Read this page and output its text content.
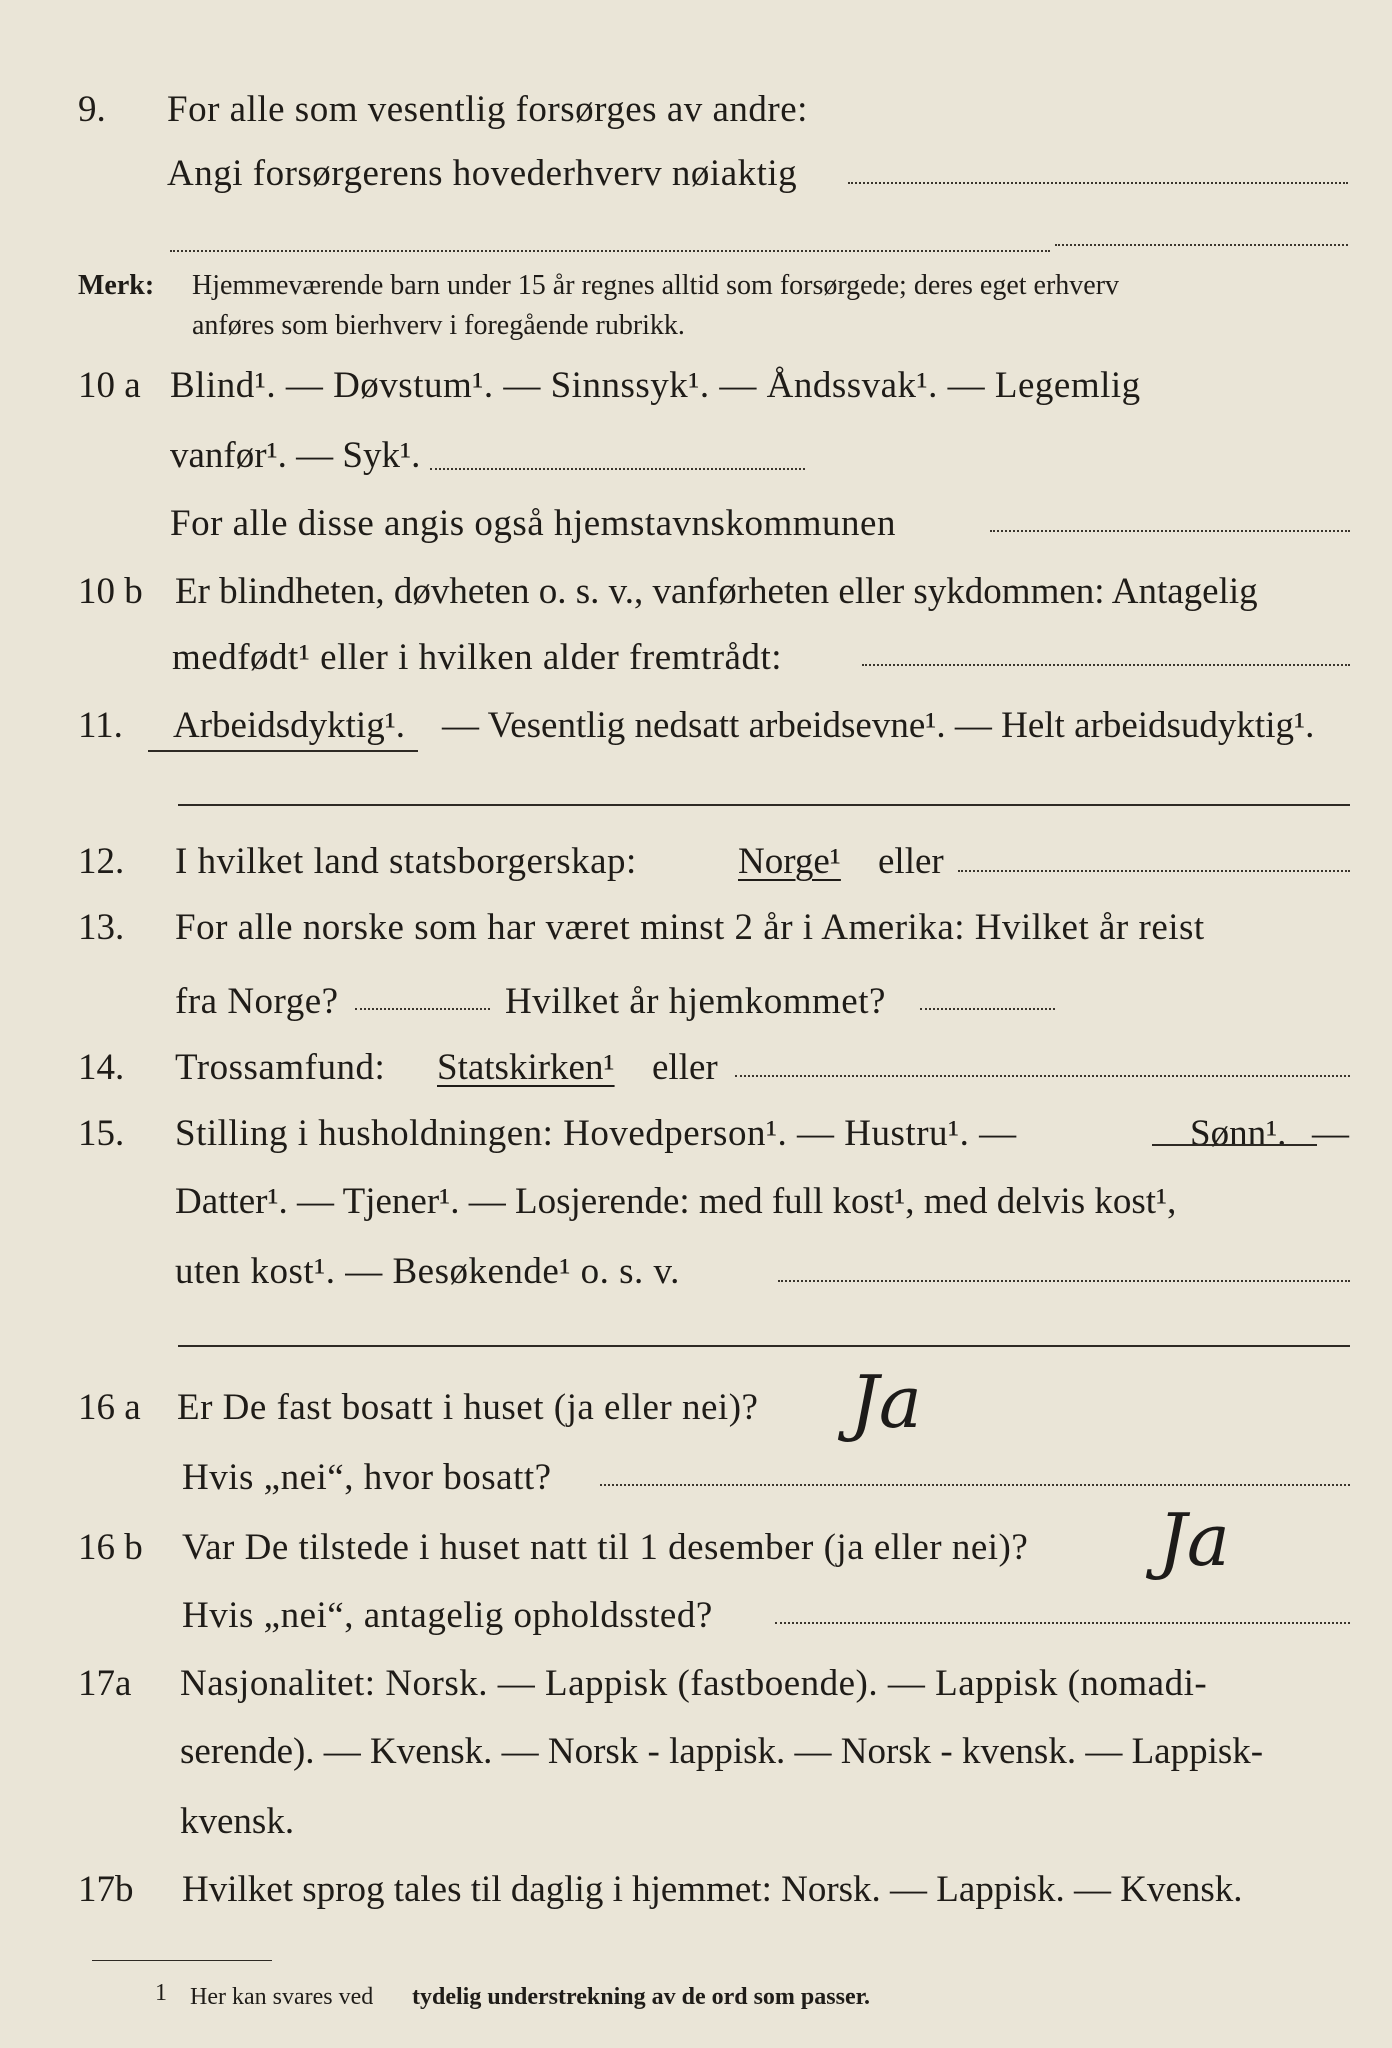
9. For alle som vesentlig forsørges av andre:
Angi forsørgerens hovederhverv nøiaktig
Merk: Hjemmeværende barn under 15 år regnes alltid som forsørgede; deres eget erhverv
anføres som bierhverv i foregående rubrikk.
10 a Blind¹. — Døvstum¹. — Sinnssyk¹. — Åndssvak¹. — Legemlig
vanfør¹. — Syk¹.
For alle disse angis også hjemstavnskommunen
10 b Er blindheten, døvheten o. s. v., vanførheten eller sykdommen: Antagelig
medfødt¹ eller i hvilken alder fremtrådt:
11. Arbeidsdyktig¹. — Vesentlig nedsatt arbeidsevne¹. — Helt arbeidsudyktig¹.
12. I hvilket land statsborgerskap:	Norge¹ eller
13. For alle norske som har været minst 2 år i Amerika: Hvilket år reist
fra Norge?	Hvilket år hjemkommet?
14. Trossamfund: Statskirken¹ eller
15. Stilling i husholdningen: Hovedperson¹. — Hustru¹. —	Sønn¹. —
Datter¹. — Tjener¹. — Losjerende: med full kost¹, med delvis kost¹,
uten kost¹. — Besøkende¹ o. s. v.
16 a Er De fast bosatt i huset (ja eller nei)? Ja
Hvis „nei“, hvor bosatt?
16 b Var De tilstede i huset natt til 1 desember (ja eller nei)? Ja
Hvis „nei“, antagelig opholdssted?
17a Nasjonalitet: Norsk. — Lappisk (fastboende). — Lappisk (nomadi-
serende). — Kvensk. — Norsk - lappisk. — Norsk - kvensk. — Lappisk-
kvensk.
17b Hvilket sprog tales til daglig i hjemmet: Norsk. — Lappisk. — Kvensk.
1 Her kan svares ved tydelig understrekning av de ord som passer.
